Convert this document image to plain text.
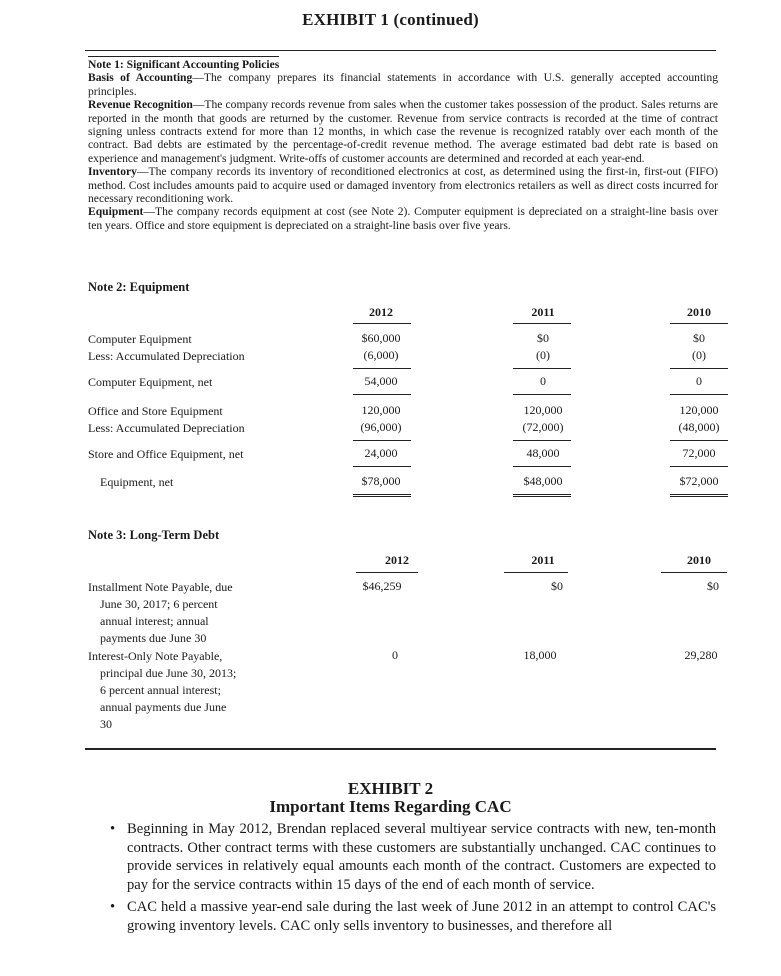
EXHIBIT 1 (continued)
Note 1: Significant Accounting Policies

Basis of Accounting—The company prepares its financial statements in accordance with U.S. generally accepted accounting principles.

Revenue Recognition—The company records revenue from sales when the customer takes possession of the product. Sales returns are reported in the month that goods are returned by the customer. Revenue from service contracts is recorded at the time of contract signing unless contracts extend for more than 12 months, in which case the revenue is recognized ratably over each month of the contract. Bad debts are estimated by the percentage-of-credit revenue method. The average estimated bad debt rate is based on experience and management's judgment. Write-offs of customer accounts are determined and recorded at each year-end.

Inventory—The company records its inventory of reconditioned electronics at cost, as determined using the first-in, first-out (FIFO) method. Cost includes amounts paid to acquire used or damaged inventory from electronics retailers as well as direct costs incurred for necessary reconditioning work.

Equipment—The company records equipment at cost (see Note 2). Computer equipment is depreciated on a straight-line basis over ten years. Office and store equipment is depreciated on a straight-line basis over five years.

Note 2: Equipment
2012	2011	2010
Computer Equipment	$60,000	$0	$0
Less: Accumulated Depreciation	(6,000)	(0)	(0)
Computer Equipment, net	54,000	0	0
Office and Store Equipment	120,000	120,000	120,000
Less: Accumulated Depreciation	(96,000)	(72,000)	(48,000)
Store and Office Equipment, net	24,000	48,000	72,000
Equipment, net	$78,000	$48,000	$72,000
Note 3: Long-Term Debt
2012	2011	2010
Installment Note Payable, due
June 30, 2017; 6 percent
annual interest; annual
payments due June 30
$46,259	$0	$0
Interest-Only Note Payable,
principal due June 30, 2013;
6 percent annual interest;
annual payments due June
30
0	18,000	29,280
EXHIBIT 2
Important Items Regarding CAC
• Beginning in May 2012, Brendan replaced several multiyear service contracts with new, ten-month contracts. Other contract terms with these customers are substantially unchanged. CAC continues to provide services in relatively equal amounts each month of the contract. Customers are expected to pay for the service contracts within 15 days of the end of each month of service.
• CAC held a massive year-end sale during the last week of June 2012 in an attempt to control CAC's growing inventory levels. CAC only sells inventory to businesses, and therefore all
